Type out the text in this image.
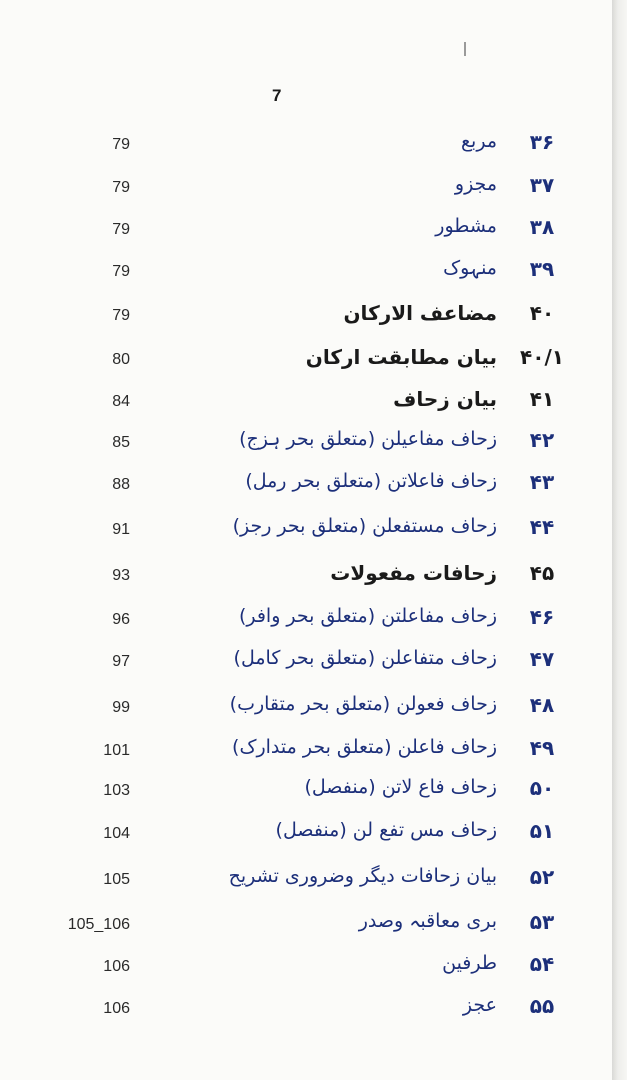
7
79	مربع	۳۶
79	مجزو	۳۷
79	مشطور	۳۸
79	منہوک	۳۹
79	مضاعف الارکان	۴۰
80	بیان مطابقت ارکان	۴۰/۱
84	بیان زحاف	۴۱
85	زحاف مفاعیلن (متعلق بحر ہزج)	۴۲
88	زحاف فاعلاتن (متعلق بحر رمل)	۴۳
91	زحاف مستفعلن (متعلق بحر رجز)	۴۴
93	زحافات مفعولات	۴۵
96	زحاف مفاعلتن (متعلق بحر وافر)	۴۶
97	زحاف متفاعلن (متعلق بحر کامل)	۴۷
99	زحاف فعولن (متعلق بحر متقارب)	۴۸
101	زحاف فاعلن (متعلق بحر متدارک)	۴۹
103	زحاف فاع لاتن (منفصل)	۵۰
104	زحاف مس تفع لن (منفصل)	۵۱
105	بیان زحافات دیگر وضروری تشریح	۵۲
105_106	بری معاقبہ وصدر	۵۳
106	طرفین	۵۴
106	عجز	۵۵
